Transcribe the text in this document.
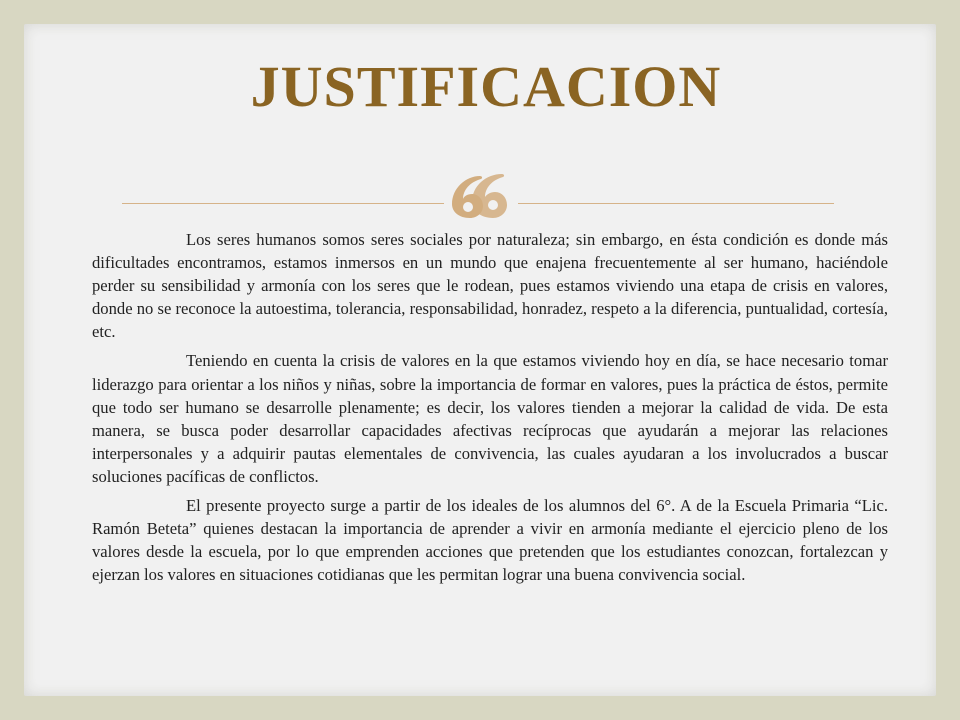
JUSTIFICACION

Los seres humanos somos seres sociales por naturaleza; sin embargo, en ésta condición es donde más dificultades encontramos, estamos inmersos en un mundo que enajena frecuentemente al ser humano, haciéndole perder su sensibilidad y armonía con los seres que le rodean, pues estamos viviendo una etapa de crisis en valores, donde no se reconoce la autoestima, tolerancia, responsabilidad, honradez, respeto a la diferencia, puntualidad, cortesía, etc.

Teniendo en cuenta la crisis de valores en la que estamos viviendo hoy en día, se hace necesario tomar liderazgo para orientar a los niños y niñas, sobre la importancia de formar en valores, pues la práctica de éstos, permite que todo ser humano se desarrolle plenamente; es decir, los valores tienden a mejorar la calidad de vida. De esta manera, se busca poder desarrollar capacidades afectivas recíprocas que ayudarán a mejorar las relaciones interpersonales y a adquirir pautas elementales de convivencia, las cuales ayudaran a los involucrados a buscar soluciones pacíficas de conflictos.

El presente proyecto surge a partir de los ideales de los alumnos del 6°. A de la Escuela Primaria “Lic. Ramón Beteta” quienes destacan la importancia de aprender a vivir en armonía mediante el ejercicio pleno de los valores desde la escuela, por lo que emprenden acciones que pretenden que los estudiantes conozcan, fortalezcan y ejerzan los valores en situaciones cotidianas que les permitan lograr una buena convivencia social.
